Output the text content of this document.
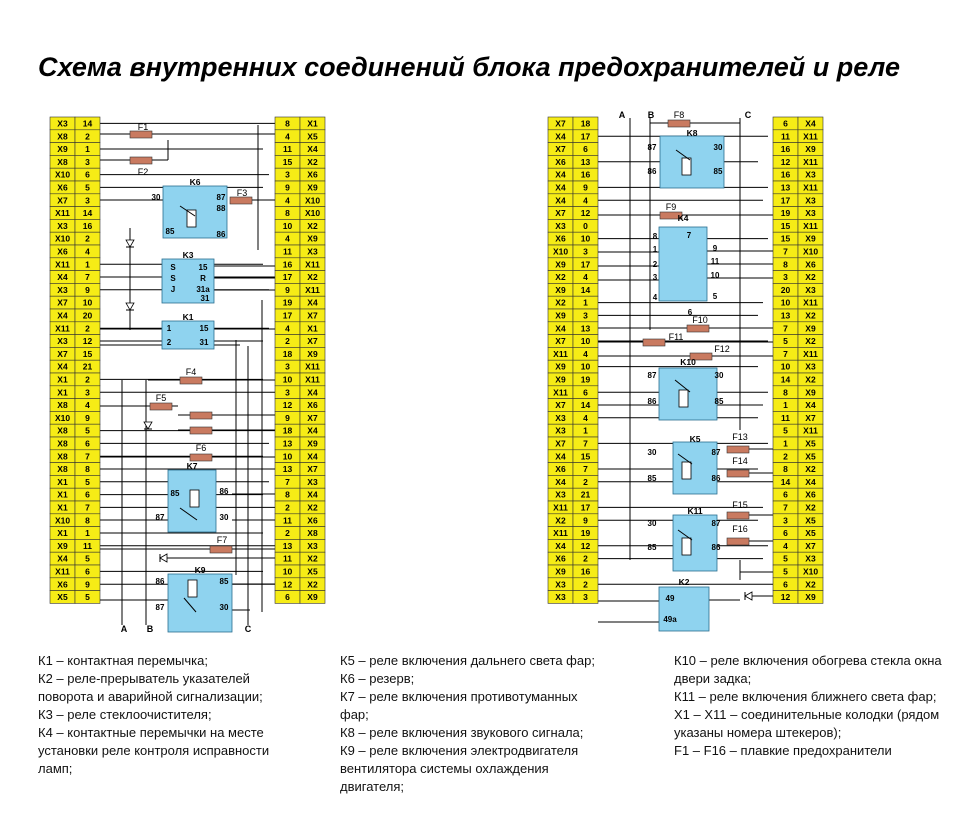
Схема внутренних соединений блока предохранителей и реле
X3 14
X8 2
X9 1
X8 3
X10 6
X6 5
X7 3
X11 14
X3 16
X10 2
X6 4
X11 1
X4 7
X3 9
X7 10
X4 20
X11 2
X3 12
X7 15
X4 21
X1 2
X1 3
X8 4
X10 9
X8 5
X8 6
X8 7
X8 8
X1 5
X1 6
X1 7
X10 8
X1 1
X9 11
X4 5
X11 6
X6 9
X5 5
8 X1
4 X5
11 X4
15 X2
3 X6
9 X9
4 X10
8 X10
10 X2
4 X9
11 X3
16 X11
17 X2
9 X11
19 X4
17 X7
4 X1
2 X7
18 X9
3 X11
10 X11
3 X4
12 X6
9 X7
18 X4
13 X9
10 X4
13 X7
7 X3
8 X4
2 X2
11 X6
2 X8
13 X3
11 X2
10 X5
12 X2
6 X9
F1
F2
K6
30	87
88
85	86
F3
K3
S
S
J
15
R
31a
31
K1
1
2
15
31
F4
F5
F6
K7
85	86
87	30
F7
K9
86	85
87	30
A B	C
X7 18
X4 17
X7 6
X6 13
X4 16
X4 9
X4 4
X7 12
X3 0
X6 10
X10 3
X9 17
X2 4
X9 14
X2 1
X9 3
X4 13
X7 10
X11 4
X9 10
X9 19
X11 6
X7 14
X3 4
X3 1
X7 7
X4 15
X6 7
X4 2
X3 21
X11 17
X2 9
X11 19
X4 12
X6 2
X9 16
X3 2
X3 3
6 X4
11 X11
16 X9
12 X11
16 X3
13 X11
17 X3
19 X3
15 X11
15 X9
7 X10
8 X6
3 X2
20 X3
10 X11
13 X2
7 X9
5 X2
7 X11
10 X3
14 X2
8 X9
1 X4
11 X7
5 X11
1 X5
2 X5
8 X2
14 X4
6 X6
7 X2
3 X5
6 X5
4 X7
5 X3
5 X10
6 X2
12 X9
A	B	C
F8
K8
87
86
30
85
F9
K4
8
1
2
3
4
7
9
11
10
5
6
F10
F11
F12
K10
87
86
30
85
K5
30
85
87
86
F13
F14
K11
30
85
87
86
F15
F16
K2
49
49a
К1 – контактная перемычка;
К2 – реле-прерыватель указателей
поворота и аварийной сигнализации;
К3 – реле стеклоочистителя;
К4 – контактные перемычки на месте
установки реле контроля исправности
ламп;
К5 – реле включения дальнего света фар;
К6 – резерв;
К7 – реле включения противотуманных
фар;
К8 – реле включения звукового сигнала;
К9 – реле включения электродвигателя
вентилятора системы охлаждения
двигателя;
К10 – реле включения обогрева стекла окна
двери задка;
К11 – реле включения ближнего света фар;
Х1 – Х11 – соединительные колодки (рядом
указаны номера штекеров);
F1 – F16 – плавкие предохранители
